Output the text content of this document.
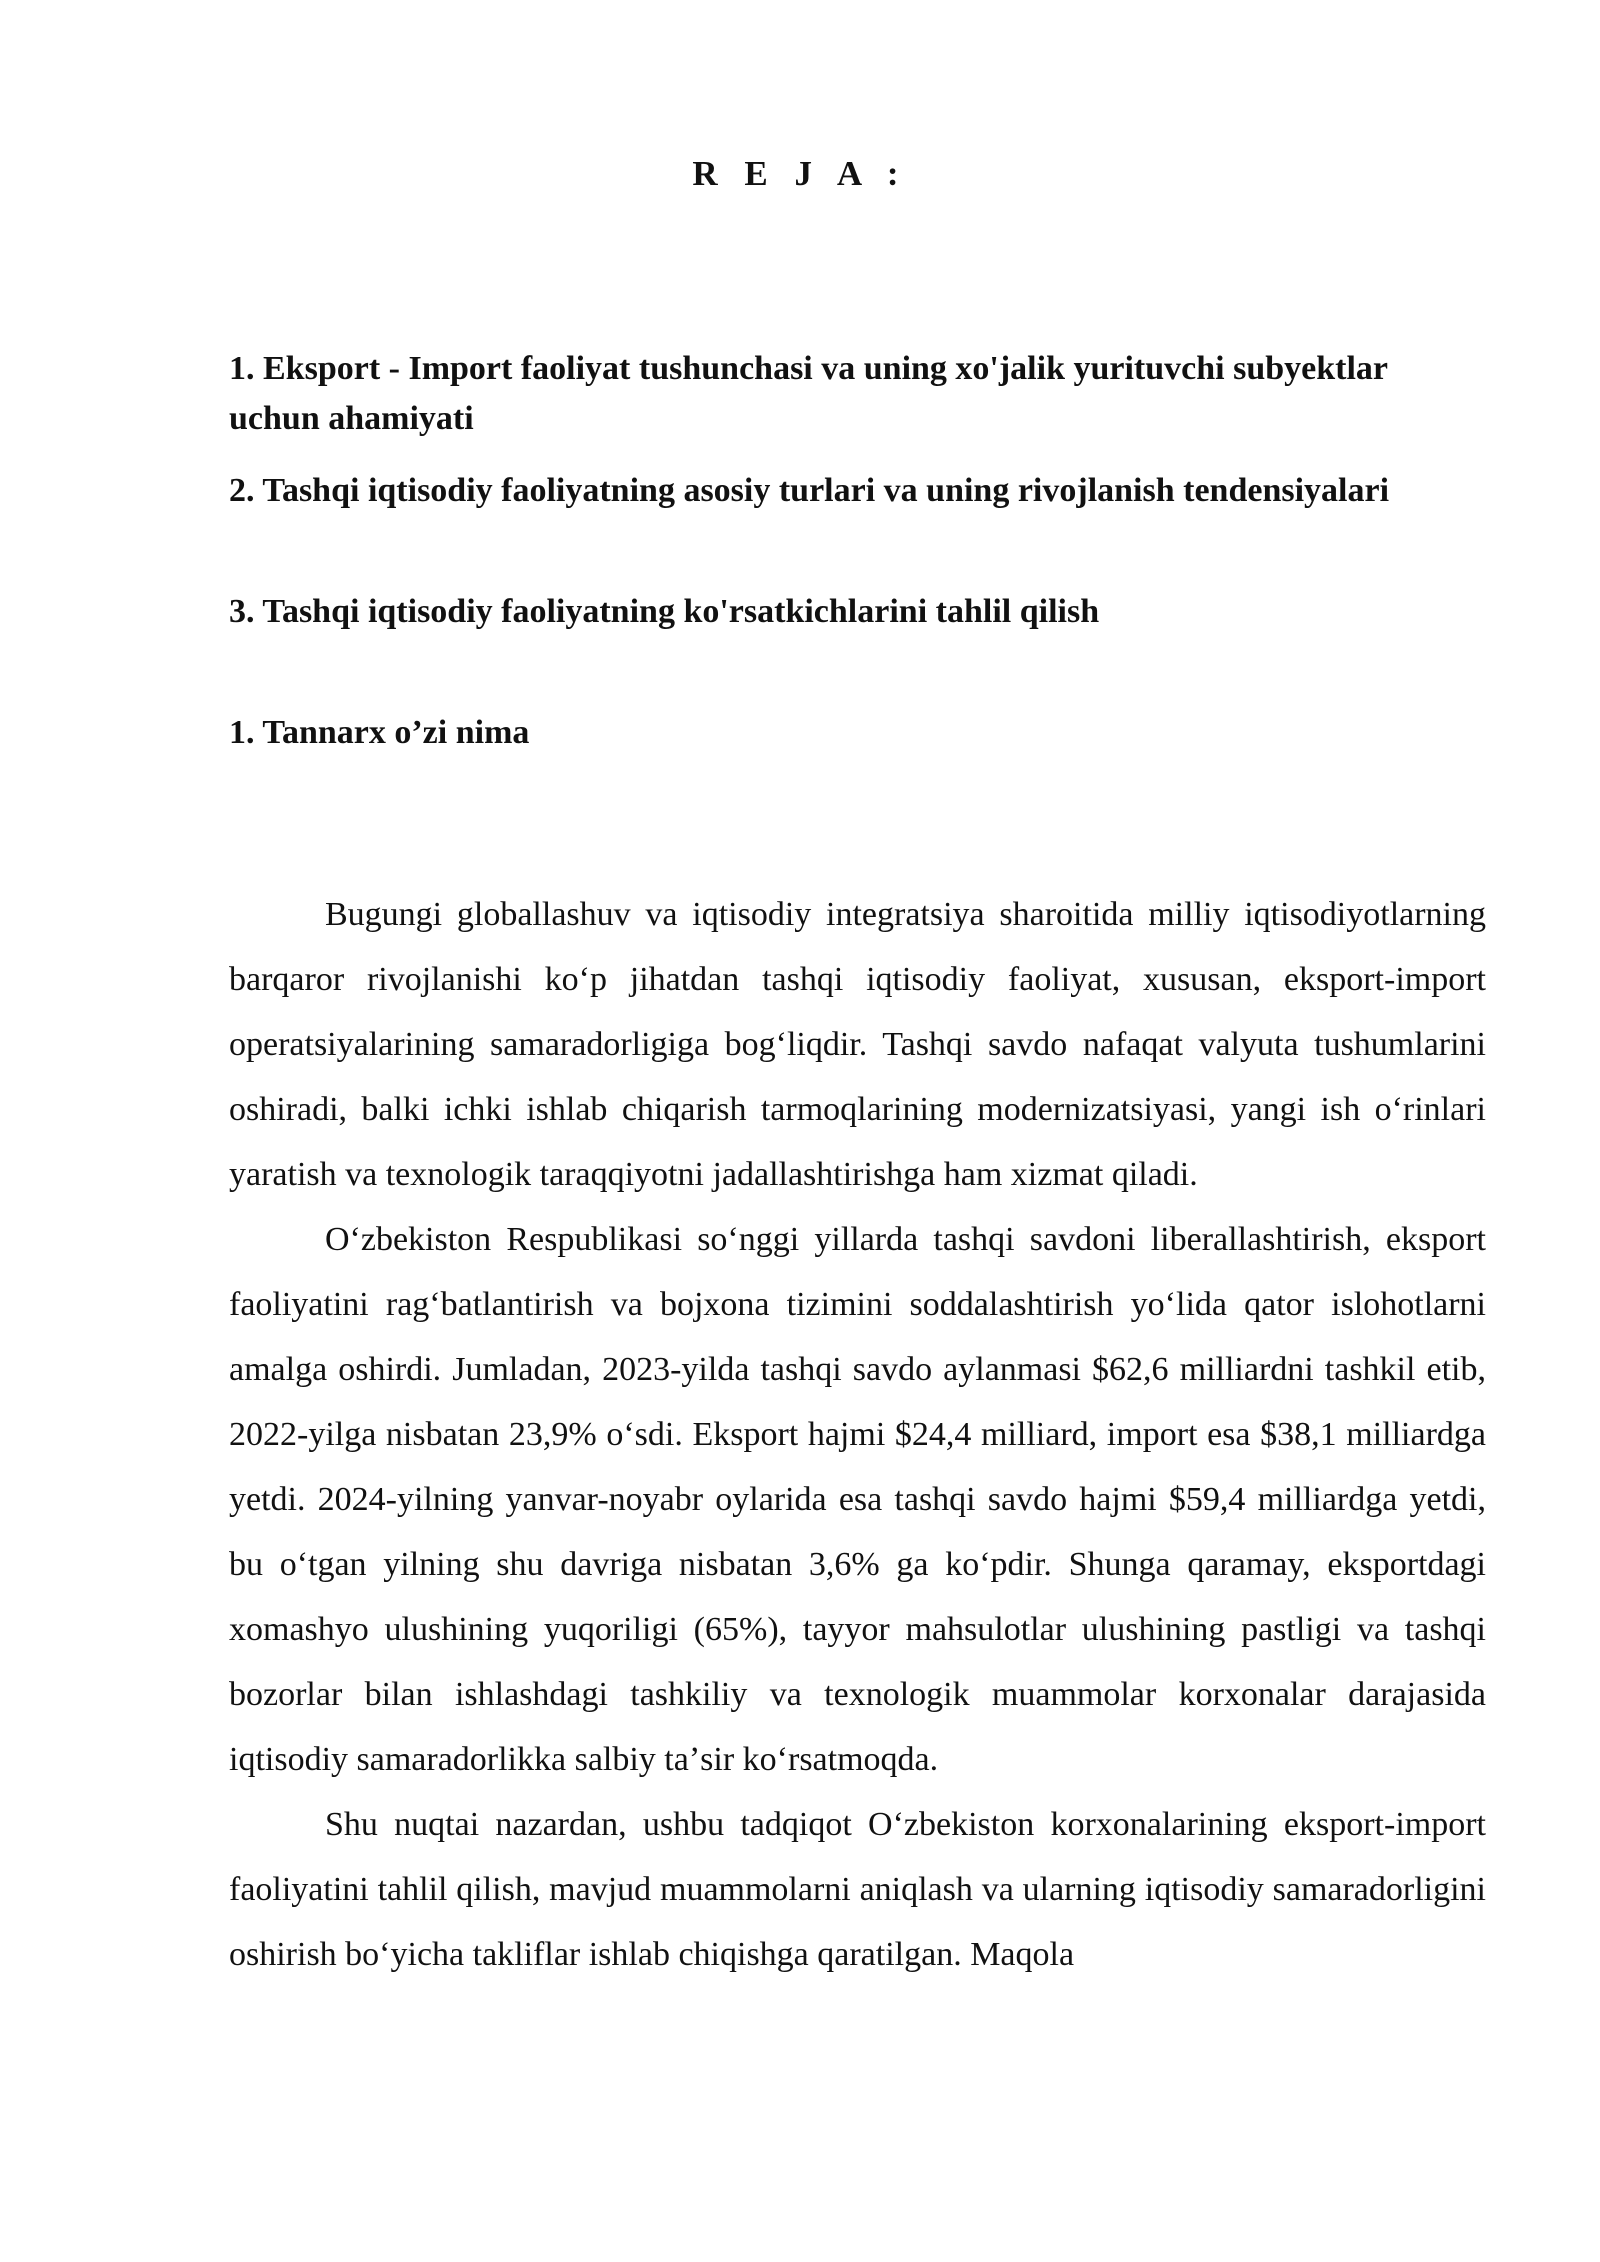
R E J A :

1. Eksport - Import faoliyat tushunchasi va uning xo'jalik yurituvchi subyektlar uchun ahamiyati

2. Tashqi iqtisodiy faoliyatning asosiy turlari va uning rivojlanish tendensiyalari

3. Tashqi iqtisodiy faoliyatning ko'rsatkichlarini tahlil qilish

1. Tannarx o’zi nima

Bugungi globallashuv va iqtisodiy integratsiya sharoitida milliy iqtisodiyotlarning barqaror rivojlanishi koʻp jihatdan tashqi iqtisodiy faoliyat, xususan, eksport-import operatsiyalarining samaradorligiga bogʻliqdir. Tashqi savdo nafaqat valyuta tushumlarini oshiradi, balki ichki ishlab chiqarish tarmoqlarining modernizatsiyasi, yangi ish oʻrinlari yaratish va texnologik taraqqiyotni jadallashtirishga ham xizmat qiladi.

Oʻzbekiston Respublikasi soʻnggi yillarda tashqi savdoni liberallashtirish, eksport faoliyatini ragʻbatlantirish va bojxona tizimini soddalashtirish yoʻlida qator islohotlarni amalga oshirdi. Jumladan, 2023-yilda tashqi savdo aylanmasi $62,6 milliardni tashkil etib, 2022-yilga nisbatan 23,9% oʻsdi. Eksport hajmi $24,4 milliard, import esa $38,1 milliardga yetdi. 2024-yilning yanvar-noyabr oylarida esa tashqi savdo hajmi $59,4 milliardga yetdi, bu oʻtgan yilning shu davriga nisbatan 3,6% ga koʻpdir. Shunga qaramay, eksportdagi xomashyo ulushining yuqoriligi (65%), tayyor mahsulotlar ulushining pastligi va tashqi bozorlar bilan ishlashdagi tashkiliy va texnologik muammolar korxonalar darajasida iqtisodiy samaradorlikka salbiy taʼsir koʻrsatmoqda.

Shu nuqtai nazardan, ushbu tadqiqot Oʻzbekiston korxonalarining eksport-import faoliyatini tahlil qilish, mavjud muammolarni aniqlash va ularning iqtisodiy samaradorligini oshirish boʻyicha takliflar ishlab chiqishga qaratilgan. Maqola
